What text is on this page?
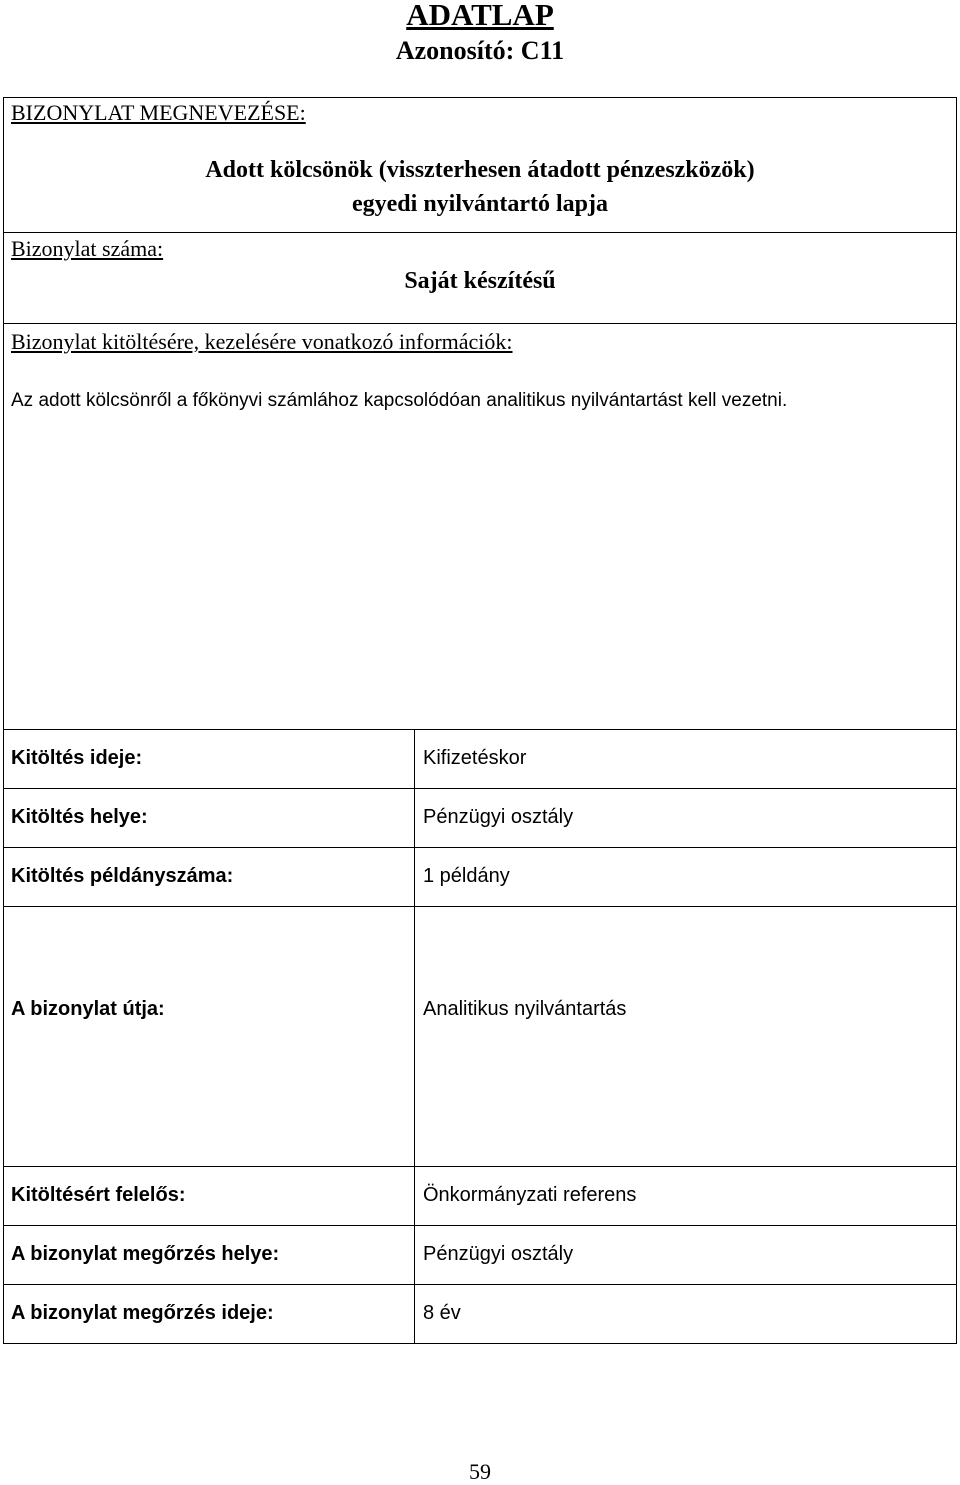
ADATLAP
Azonosító: C11
BIZONYLAT MEGNEVEZÉSE:
Adott kölcsönök (visszterhesen átadott pénzeszközök)
egyedi nyilvántartó lapja
Bizonylat száma:
Saját készítésű
Bizonylat kitöltésére, kezelésére vonatkozó információk:
Az adott kölcsönről a főkönyvi számlához kapcsolódóan analitikus nyilvántartást kell vezetni.
Kitöltés ideje:	Kifizetéskor
Kitöltés helye:	Pénzügyi osztály
Kitöltés példányszáma:	1 példány
A bizonylat útja:	Analitikus nyilvántartás
Kitöltésért felelős:	Önkormányzati referens
A bizonylat megőrzés helye:	Pénzügyi osztály
A bizonylat megőrzés ideje:	8 év
59
